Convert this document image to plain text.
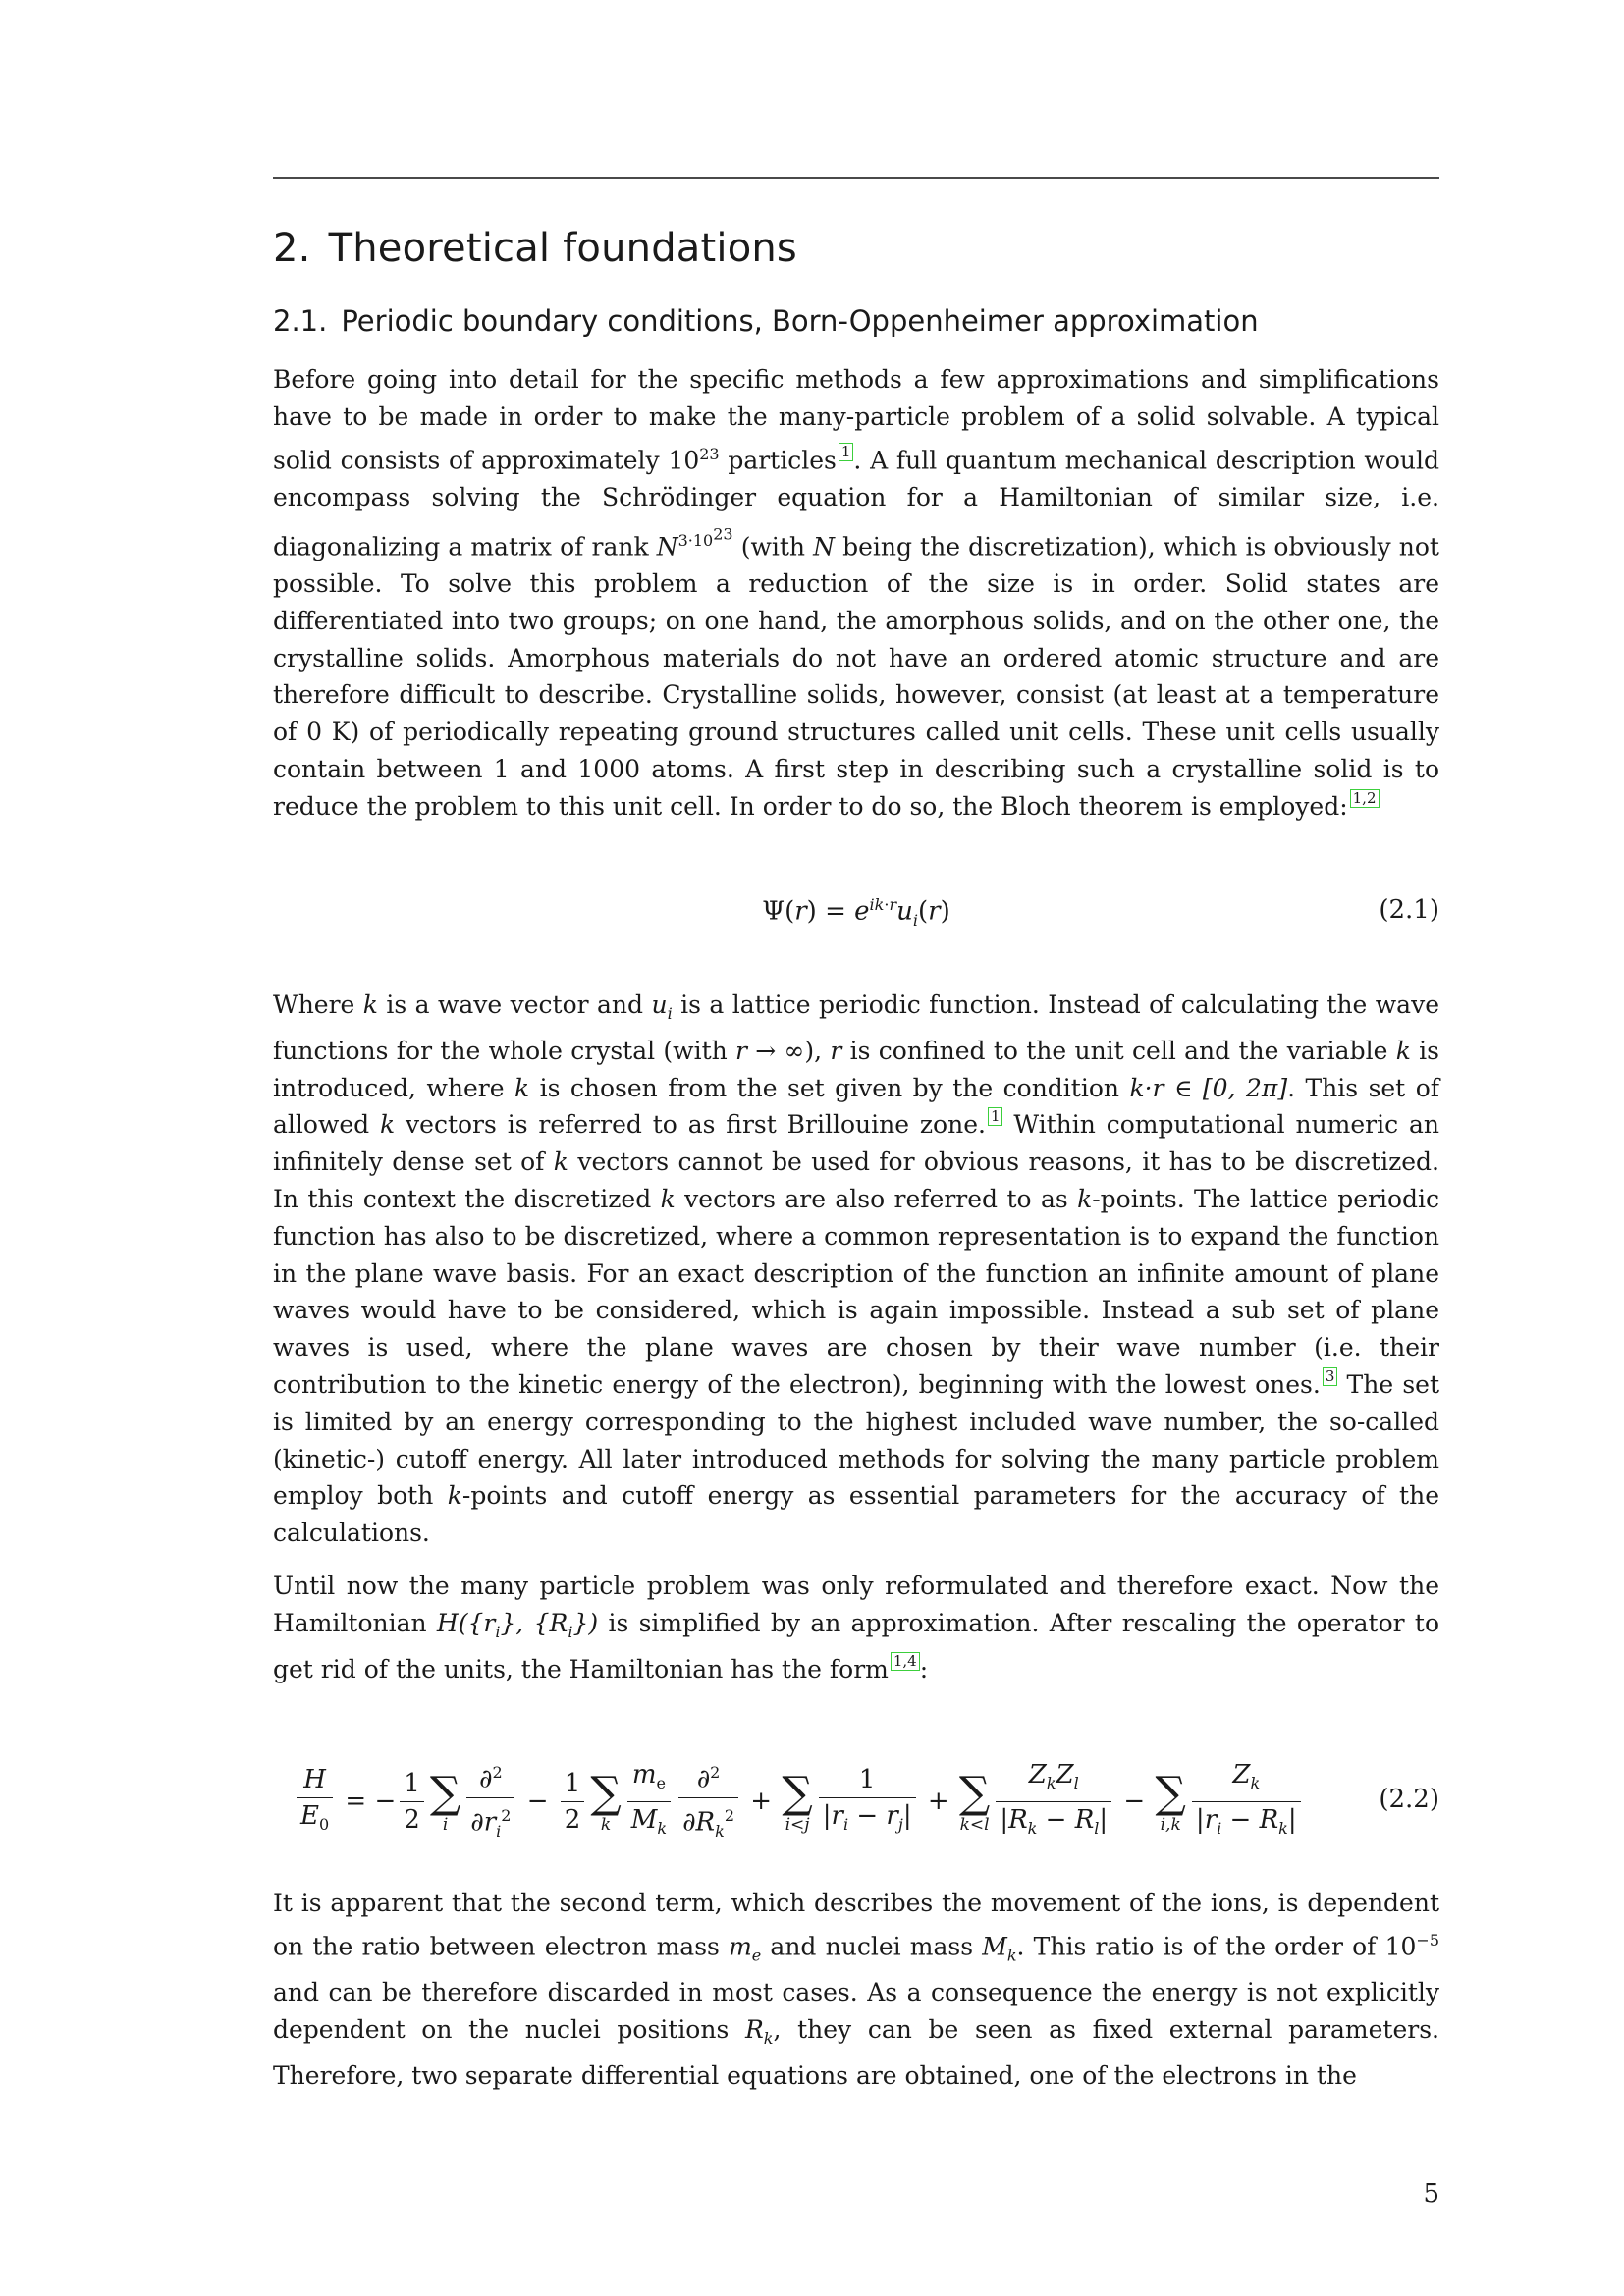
2. Theoretical foundations
2.1. Periodic boundary conditions, Born-Oppenheimer approximation

Before going into detail for the specific methods a few approximations and simplifications have to be made in order to make the many-particle problem of a solid solvable. A typical solid consists of approximately $10^{23}$ particles 1 . A full quantum mechanical description would encompass solving the Schrödinger equation for a Hamiltonian of similar size, i.e. diagonalizing a matrix of rank $N^{3\cdot 10^{23}}$ (with N being the discretization), which is obviously not possible. To solve this problem a reduction of the size is in order. Solid states are differentiated into two groups; on one hand, the amorphous solids, and on the other one, the crystalline solids. Amorphous materials do not have an ordered atomic structure and are therefore difficult to describe. Crystalline solids, however, consist (at least at a temperature of 0 K) of periodically repeating ground structures called unit cells. These unit cells usually contain between 1 and 1000 atoms. A first step in describing such a crystalline solid is to reduce the problem to this unit cell. In order to do so, the Bloch theorem is employed: 1,2

$\Psi(r) = e^{ik\cdot r}u_i(r)$	(2.1)

Where k is a wave vector and $u_i$ is a lattice periodic function. Instead of calculating the wave functions for the whole crystal (with r → ∞), r is confined to the unit cell and the variable k is introduced, where k is chosen from the set given by the condition k·r ∈ [0, 2π]. This set of allowed k vectors is referred to as first Brillouine zone. 1 Within computational numeric an infinitely dense set of k vectors cannot be used for obvious reasons, it has to be discretized. In this context the discretized k vectors are also referred to as k-points. The lattice periodic function has also to be discretized, where a common representation is to expand the function in the plane wave basis. For an exact description of the function an infinite amount of plane waves would have to be considered, which is again impossible. Instead a sub set of plane waves is used, where the plane waves are chosen by their wave number (i.e. their contribution to the kinetic energy of the electron), beginning with the lowest ones. 3 The set is limited by an energy corresponding to the highest included wave number, the so-called (kinetic-) cutoff energy. All later introduced methods for solving the many particle problem employ both k-points and cutoff energy as essential parameters for the accuracy of the calculations.

Until now the many particle problem was only reformulated and therefore exact. Now the Hamiltonian $H(\{r_i\}$, $\{R_i\}$) is simplified by an approximation. After rescaling the operator to get rid of the units, the Hamiltonian has the form 1,4 :

$\frac{H}{E_0}$ = − $\frac{1}{2}$ ∑
i $\frac{\partial^2}{\partial r_i^2} - \frac{1}{2}$ ∑
k $\frac{m_e}{M_k} \frac{\partial^2}{\partial R_k^2}$ + ∑
$i<j \frac{1}{|r_i - r_j|}$ + ∑
$k<l \frac{Z_kZ_l}{|R_k - R_l|}$ − ∑
$i,k \frac{Z_k}{|r_i - R_k|}$	(2.2)

It is apparent that the second term, which describes the movement of the ions, is dependent on the ratio between electron mass $m_e$ and nuclei mass $M_k$. This ratio is of the order of $10^{-5}$ and can be therefore discarded in most cases. As a consequence the energy is not explicitly dependent on the nuclei positions $R_k$, they can be seen as fixed external parameters. Therefore, two separate differential equations are obtained, one of the electrons in the

5
